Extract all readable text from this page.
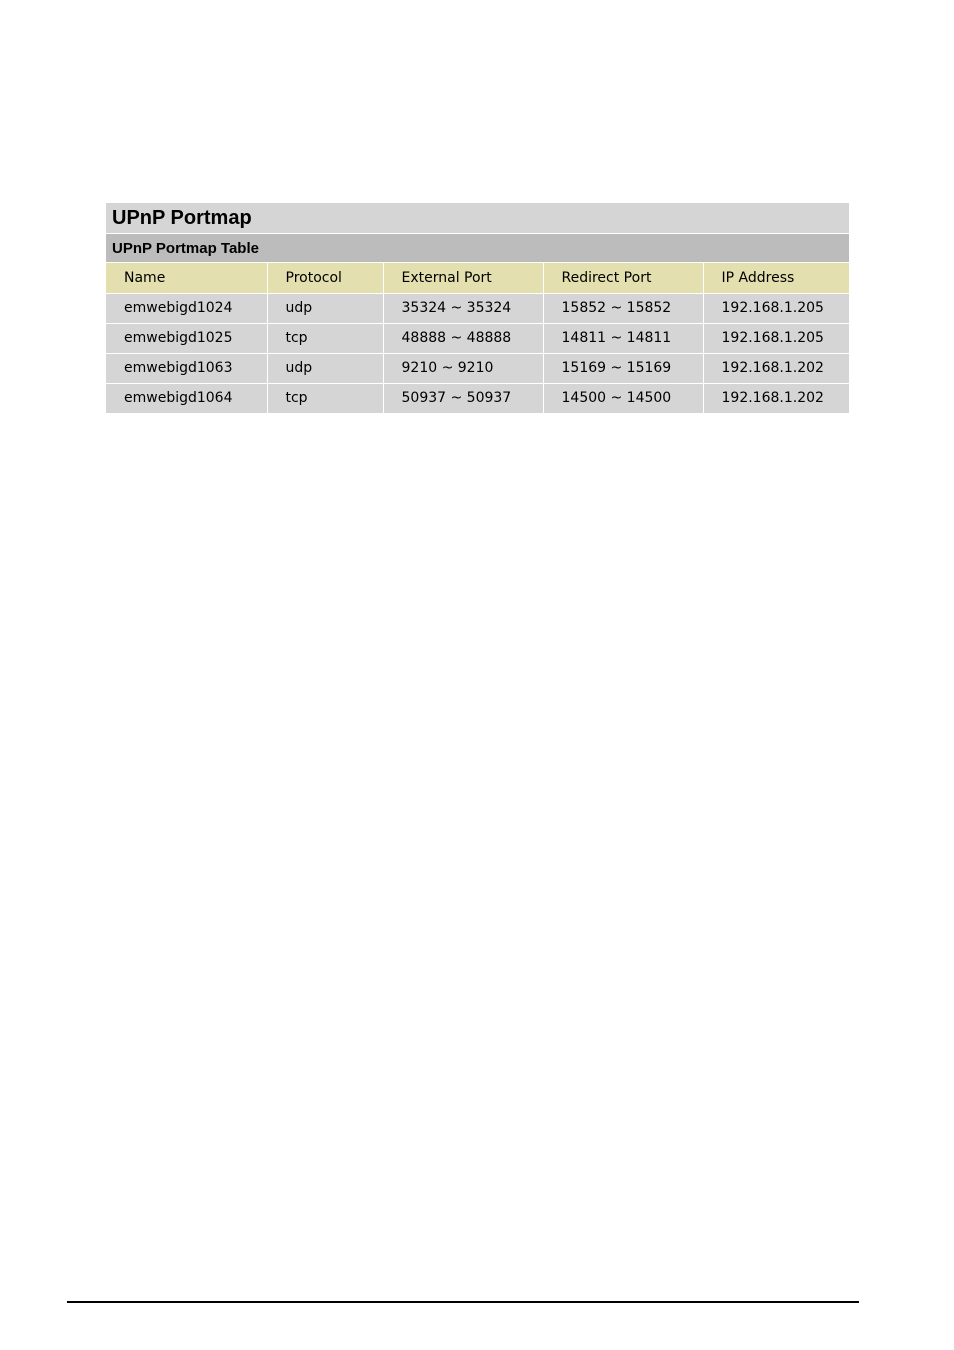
UPnP Portmap
UPnP Portmap Table
Name	Protocol	External Port	Redirect Port	IP Address
emwebigd1024	udp	35324 ~ 35324	15852 ~ 15852	192.168.1.205
emwebigd1025	tcp	48888 ~ 48888	14811 ~ 14811	192.168.1.205
emwebigd1063	udp	9210 ~ 9210	15169 ~ 15169	192.168.1.202
emwebigd1064	tcp	50937 ~ 50937	14500 ~ 14500	192.168.1.202
